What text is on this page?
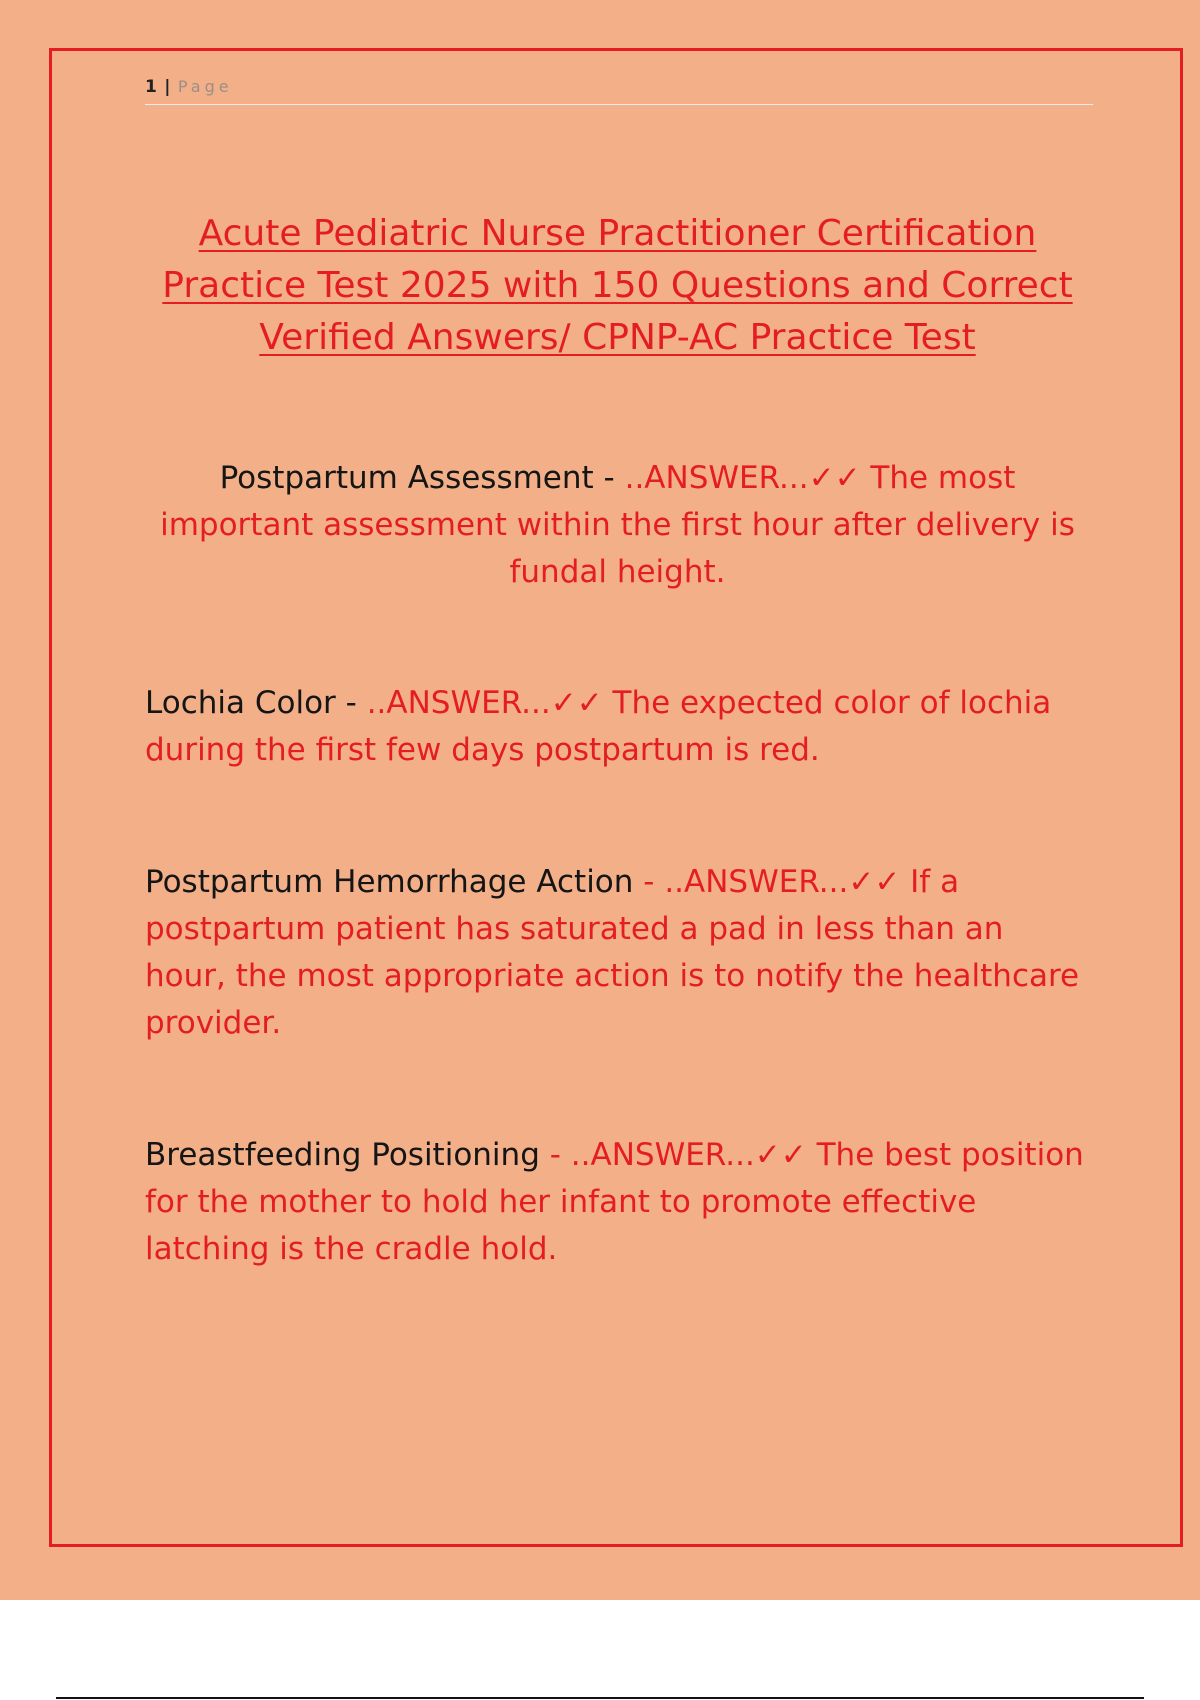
1 | Page
Acute Pediatric Nurse Practitioner Certification Practice Test 2025 with 150 Questions and Correct Verified Answers/ CPNP-AC Practice Test
Postpartum Assessment - ..ANSWER...✓✓ The most important assessment within the first hour after delivery is fundal height.
Lochia Color - ..ANSWER...✓✓ The expected color of lochia during the first few days postpartum is red.
Postpartum Hemorrhage Action - ..ANSWER...✓✓ If a postpartum patient has saturated a pad in less than an hour, the most appropriate action is to notify the healthcare provider.
Breastfeeding Positioning - ..ANSWER...✓✓ The best position for the mother to hold her infant to promote effective latching is the cradle hold.
